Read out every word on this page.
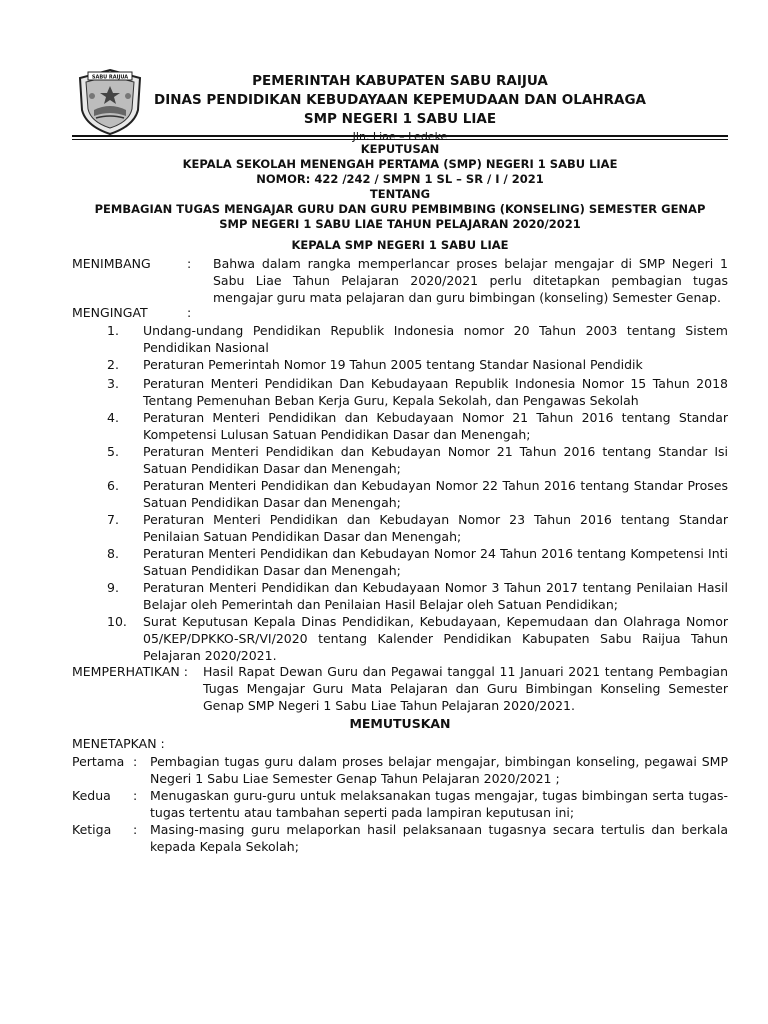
SABU RAIJUA	PEMERINTAH KABUPATEN SABU RAIJUA
DINAS PENDIDIKAN KEBUDAYAAN KEPEMUDAAN DAN OLAHRAGA
SMP NEGERI 1 SABU LIAE
KEPUTUSAN
KEPALA SEKOLAH MENENGAH PERTAMA (SMP) NEGERI 1 SABU LIAE
NOMOR: 422 /242 / SMPN 1 SL – SR / I / 2021
TENTANG
PEMBAGIAN TUGAS MENGAJAR GURU DAN GURU PEMBIMBING (KONSELING) SEMESTER GENAP
SMP NEGERI 1 SABU LIAE TAHUN PELAJARAN 2020/2021
KEPALA SMP NEGERI 1 SABU LIAE
MENIMBANG	: Bahwa dalam rangka memperlancar proses belajar mengajar di SMP Negeri 1 Sabu Liae Tahun Pelajaran 2020/2021 perlu ditetapkan pembagian tugas mengajar guru mata pelajaran dan guru bimbingan (konseling) Semester Genap.
MENGINGAT	:
1.	Undang-undang Pendidikan Republik Indonesia nomor 20 Tahun 2003 tentang Sistem Pendidikan Nasional
2.	Peraturan Pemerintah Nomor 19 Tahun 2005 tentang Standar Nasional Pendidik
3.	Peraturan Menteri Pendidikan Dan Kebudayaan Republik Indonesia Nomor 15 Tahun 2018 Tentang Pemenuhan Beban Kerja Guru, Kepala Sekolah, dan Pengawas Sekolah
4.	Peraturan Menteri Pendidikan dan Kebudayaan Nomor 21 Tahun 2016 tentang Standar Kompetensi Lulusan Satuan Pendidikan Dasar dan Menengah;
5.	Peraturan Menteri Pendidikan dan Kebudayan Nomor 21 Tahun 2016 tentang Standar Isi Satuan Pendidikan Dasar dan Menengah;
6.	Peraturan Menteri Pendidikan dan Kebudayan Nomor 22 Tahun 2016 tentang Standar Proses Satuan Pendidikan Dasar dan Menengah;
7.	Peraturan Menteri Pendidikan dan Kebudayan Nomor 23 Tahun 2016 tentang Standar Penilaian Satuan Pendidikan Dasar dan Menengah;
8.	Peraturan Menteri Pendidikan dan Kebudayan Nomor 24 Tahun 2016 tentang Kompetensi Inti Satuan Pendidikan Dasar dan Menengah;
9.	Peraturan Menteri Pendidikan dan Kebudayaan Nomor 3 Tahun 2017 tentang Penilaian Hasil Belajar oleh Pemerintah dan Penilaian Hasil Belajar oleh Satuan Pendidikan;
10.	Surat Keputusan Kepala Dinas Pendidikan, Kebudayaan, Kepemudaan dan Olahraga Nomor 05/KEP/DPKKO-SR/VI/2020 tentang Kalender Pendidikan Kabupaten Sabu Raijua Tahun Pelajaran 2020/2021.
MEMPERHATIKAN : Hasil Rapat Dewan Guru dan Pegawai tanggal 11 Januari 2021 tentang Pembagian Tugas Mengajar Guru Mata Pelajaran dan Guru Bimbingan Konseling Semester Genap SMP Negeri 1 Sabu Liae Tahun Pelajaran 2020/2021.
MEMUTUSKAN
MENETAPKAN :
Pertama : Pembagian tugas guru dalam proses belajar mengajar, bimbingan konseling, pegawai SMP Negeri 1 Sabu Liae Semester Genap Tahun Pelajaran 2020/2021 ;
Kedua : Menugaskan guru-guru untuk melaksanakan tugas mengajar, tugas bimbingan serta tugas-tugas tertentu atau tambahan seperti pada lampiran keputusan ini;
Ketiga : Masing-masing guru melaporkan hasil pelaksanaan tugasnya secara tertulis dan berkala kepada Kepala Sekolah;
